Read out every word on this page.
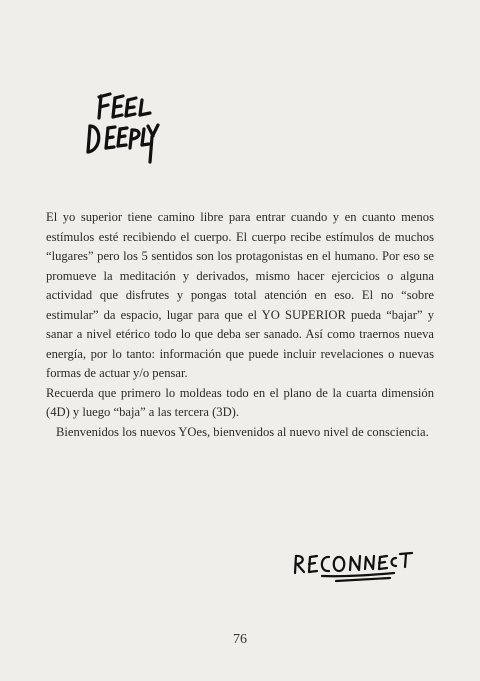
El yo superior tiene camino libre para entrar cuando y en cuanto menos estímulos esté recibiendo el cuerpo. El cuerpo recibe estímulos de muchos “lugares” pero los 5 sentidos son los protagonistas en el humano. Por eso se promueve la meditación y derivados, mismo hacer ejercicios o alguna actividad que disfrutes y pongas total atención en eso. El no “sobre estimular” da espacio, lugar para que el YO SUPERIOR pueda “bajar” y sanar a nivel etérico todo lo que deba ser sanado. Así como traernos nueva energía, por lo tanto: información que puede incluir revelaciones o nuevas formas de actuar y/o pensar.

Recuerda que primero lo moldeas todo en el plano de la cuarta dimensión (4D) y luego “baja” a las tercera (3D).

Bienvenidos los nuevos YOes, bienvenidos al nuevo nivel de consciencia.

76
